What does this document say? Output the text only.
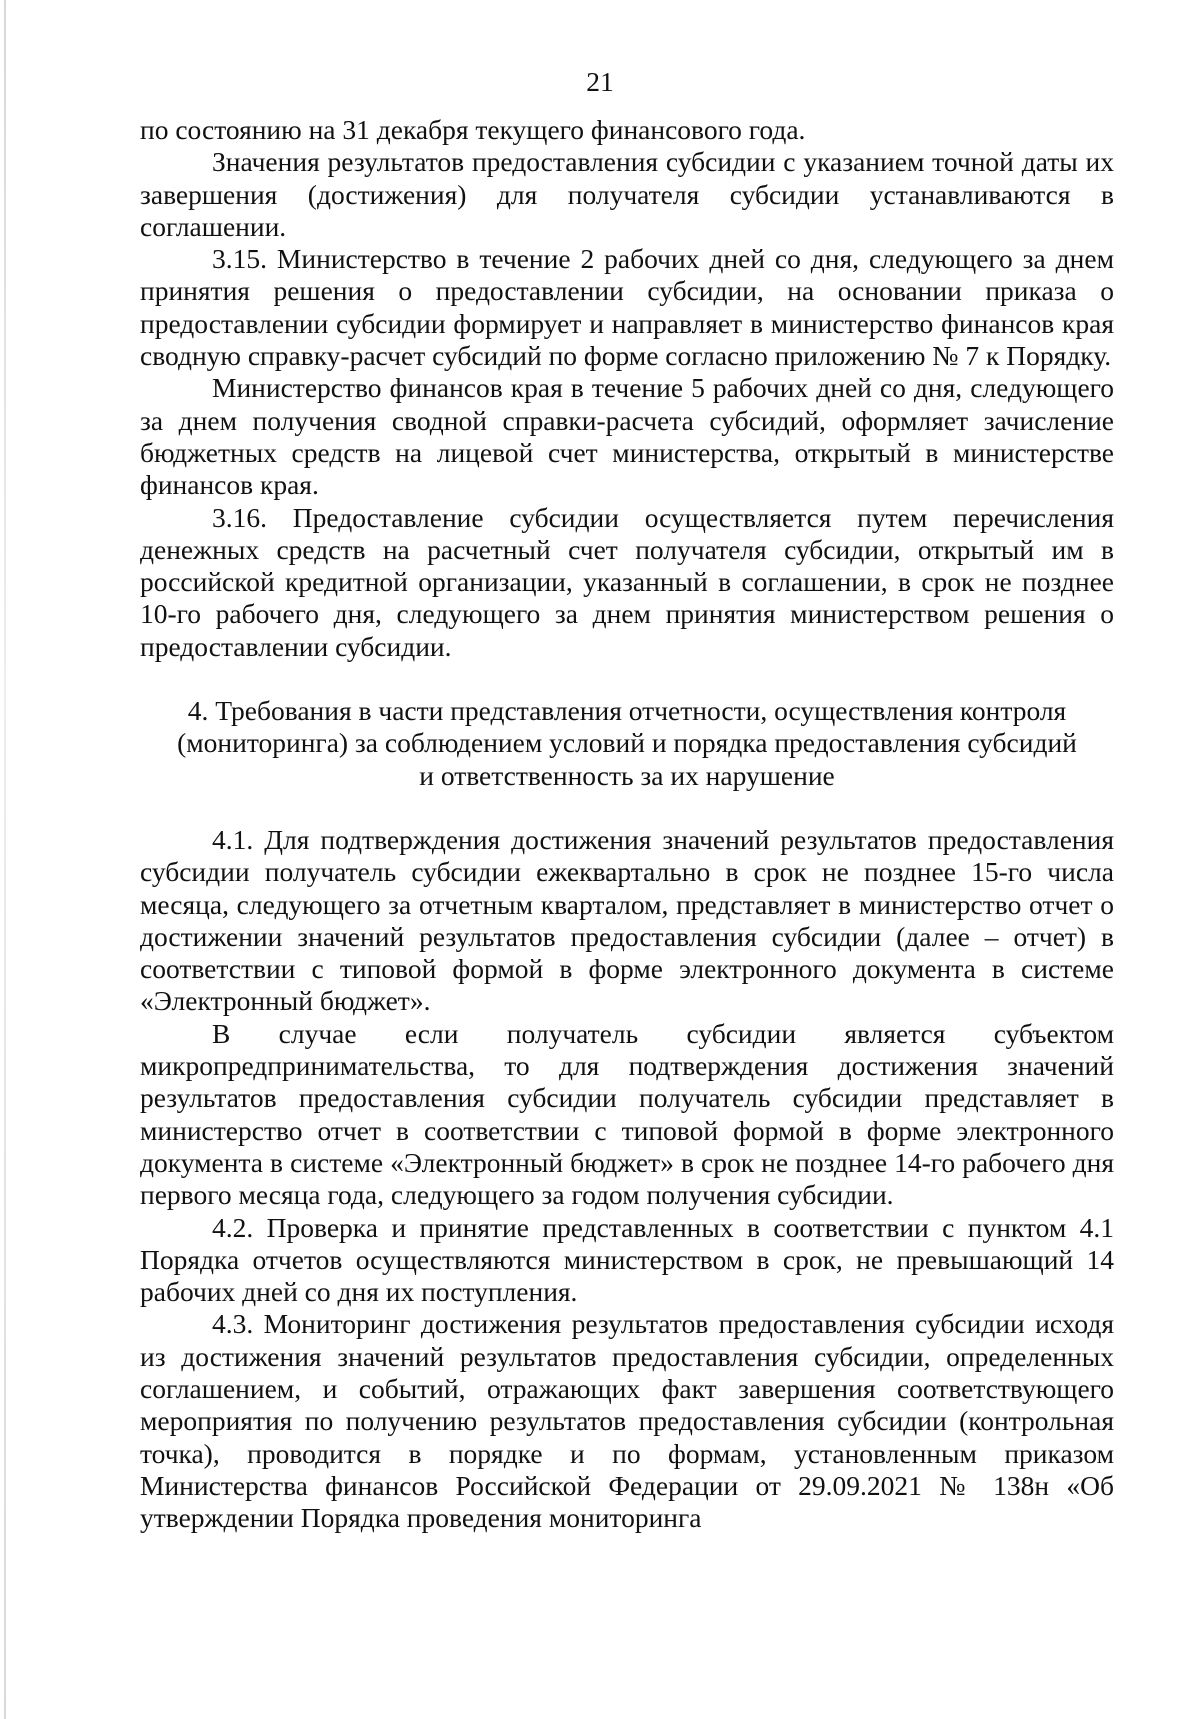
21

по состоянию на 31 декабря текущего финансового года.

Значения результатов предоставления субсидии с указанием точной даты их завершения (достижения) для получателя субсидии устанавливаются в соглашении.

3.15. Министерство в течение 2 рабочих дней со дня, следующего за днем принятия решения о предоставлении субсидии, на основании приказа о предоставлении субсидии формирует и направляет в министерство финансов края сводную справку-расчет субсидий по форме согласно приложению № 7 к Порядку.

Министерство финансов края в течение 5 рабочих дней со дня, следующего за днем получения сводной справки-расчета субсидий, оформляет зачисление бюджетных средств на лицевой счет министерства, открытый в министерстве финансов края.

3.16. Предоставление субсидии осуществляется путем перечисления денежных средств на расчетный счет получателя субсидии, открытый им в российской кредитной организации, указанный в соглашении, в срок не позднее 10-го рабочего дня, следующего за днем принятия министерством решения о предоставлении субсидии.

4. Требования в части представления отчетности, осуществления контроля
(мониторинга) за соблюдением условий и порядка предоставления субсидий
и ответственность за их нарушение

4.1. Для подтверждения достижения значений результатов предоставления субсидии получатель субсидии ежеквартально в срок не позднее 15-го числа месяца, следующего за отчетным кварталом, представляет в министерство отчет о достижении значений результатов предоставления субсидии (далее – отчет) в соответствии с типовой формой в форме электронного документа в системе «Электронный бюджет».

В случае если получатель субсидии является субъектом микропредпринимательства, то для подтверждения достижения значений результатов предоставления субсидии получатель субсидии представляет в министерство отчет в соответствии с типовой формой в форме электронного документа в системе «Электронный бюджет» в срок не позднее 14-го рабочего дня первого месяца года, следующего за годом получения субсидии.

4.2. Проверка и принятие представленных в соответствии с пунктом 4.1 Порядка отчетов осуществляются министерством в срок, не превышающий 14 рабочих дней со дня их поступления.

4.3. Мониторинг достижения результатов предоставления субсидии исходя из достижения значений результатов предоставления субсидии, определенных соглашением, и событий, отражающих факт завершения соответствующего мероприятия по получению результатов предоставления субсидии (контрольная точка), проводится в порядке и по формам, установленным приказом Министерства финансов Российской Федерации от 29.09.2021 № 138н «Об утверждении Порядка проведения мониторинга
